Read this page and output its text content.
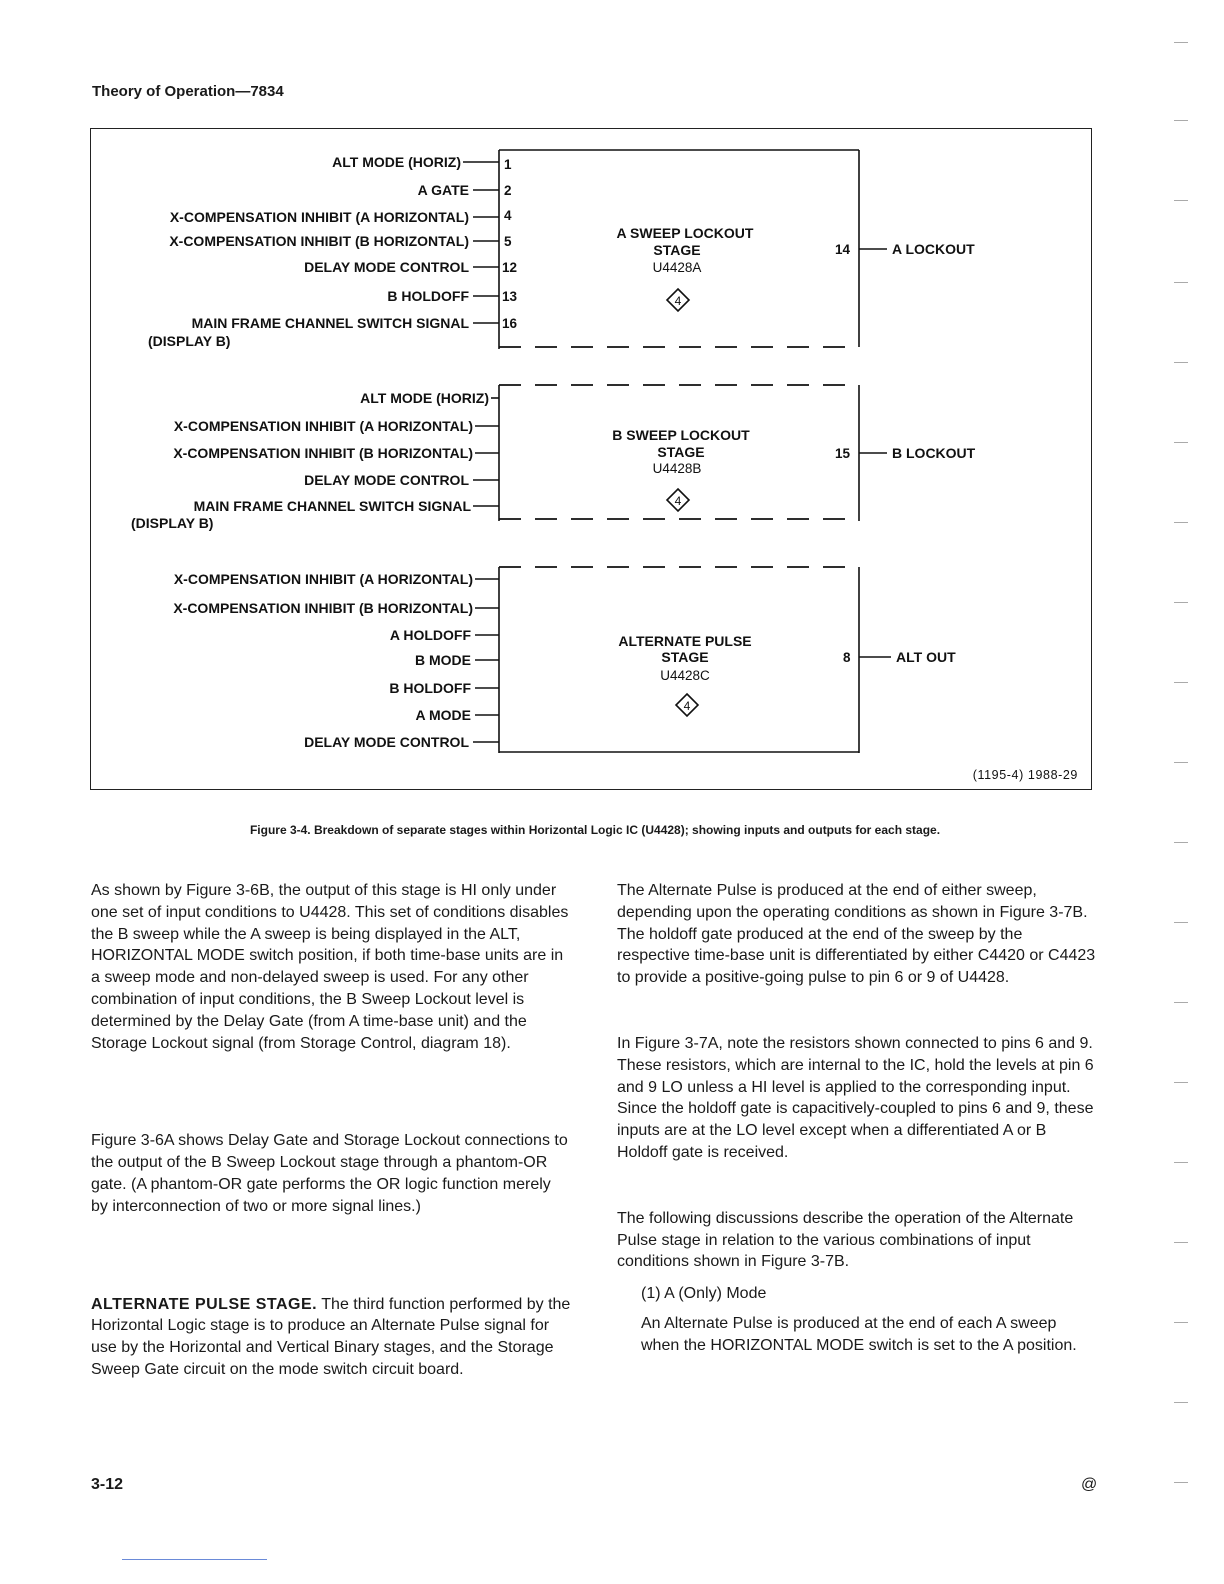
Theory of Operation—7834
ALT MODE (HORIZ)
A GATE
X-COMPENSATION INHIBIT (A HORIZONTAL)
X-COMPENSATION INHIBIT (B HORIZONTAL)
DELAY MODE CONTROL
B HOLDOFF
MAIN FRAME CHANNEL SWITCH SIGNAL
(DISPLAY B)
1
2
4
5
12
13
16
A SWEEP LOCKOUT
STAGE
U4428A
4
14	A LOCKOUT
ALT MODE (HORIZ)
X-COMPENSATION INHIBIT (A HORIZONTAL)
X-COMPENSATION INHIBIT (B HORIZONTAL)
DELAY MODE CONTROL
MAIN FRAME CHANNEL SWITCH SIGNAL
(DISPLAY B)
B SWEEP LOCKOUT
STAGE
U4428B
4
15	B LOCKOUT
X-COMPENSATION INHIBIT (A HORIZONTAL)
X-COMPENSATION INHIBIT (B HORIZONTAL)
A HOLDOFF
B MODE
B HOLDOFF
A MODE
DELAY MODE CONTROL
ALTERNATE PULSE
STAGE
U4428C
4
8	ALT OUT
(1195-4) 1988-29
Figure 3-4. Breakdown of separate stages within Horizontal Logic IC (U4428); showing inputs and outputs for each stage.

As shown by Figure 3-6B, the output of this stage is HI only under one set of input conditions to U4428. This set of conditions disables the B sweep while the A sweep is being displayed in the ALT, HORIZONTAL MODE switch position, if both time-base units are in a sweep mode and non-delayed sweep is used. For any other combination of input conditions, the B Sweep Lockout level is determined by the Delay Gate (from A time-base unit) and the Storage Lockout signal (from Storage Control, diagram 18).

Figure 3-6A shows Delay Gate and Storage Lockout connections to the output of the B Sweep Lockout stage through a phantom-OR gate. (A phantom-OR gate performs the OR logic function merely by interconnection of two or more signal lines.)

ALTERNATE PULSE STAGE. The third function performed by the Horizontal Logic stage is to produce an Alternate Pulse signal for use by the Horizontal and Vertical Binary stages, and the Storage Sweep Gate circuit on the mode switch circuit board.

The Alternate Pulse is produced at the end of either sweep, depending upon the operating conditions as shown in Figure 3-7B. The holdoff gate produced at the end of the sweep by the respective time-base unit is differentiated by either C4420 or C4423 to provide a positive-going pulse to pin 6 or 9 of U4428.

In Figure 3-7A, note the resistors shown connected to pins 6 and 9. These resistors, which are internal to the IC, hold the levels at pin 6 and 9 LO unless a HI level is applied to the corresponding input. Since the holdoff gate is capacitively-coupled to pins 6 and 9, these inputs are at the LO level except when a differentiated A or B Holdoff gate is received.

The following discussions describe the operation of the Alternate Pulse stage in relation to the various combinations of input conditions shown in Figure 3-7B.

(1) A (Only) Mode

An Alternate Pulse is produced at the end of each A sweep when the HORIZONTAL MODE switch is set to the A position.

3-12	@
